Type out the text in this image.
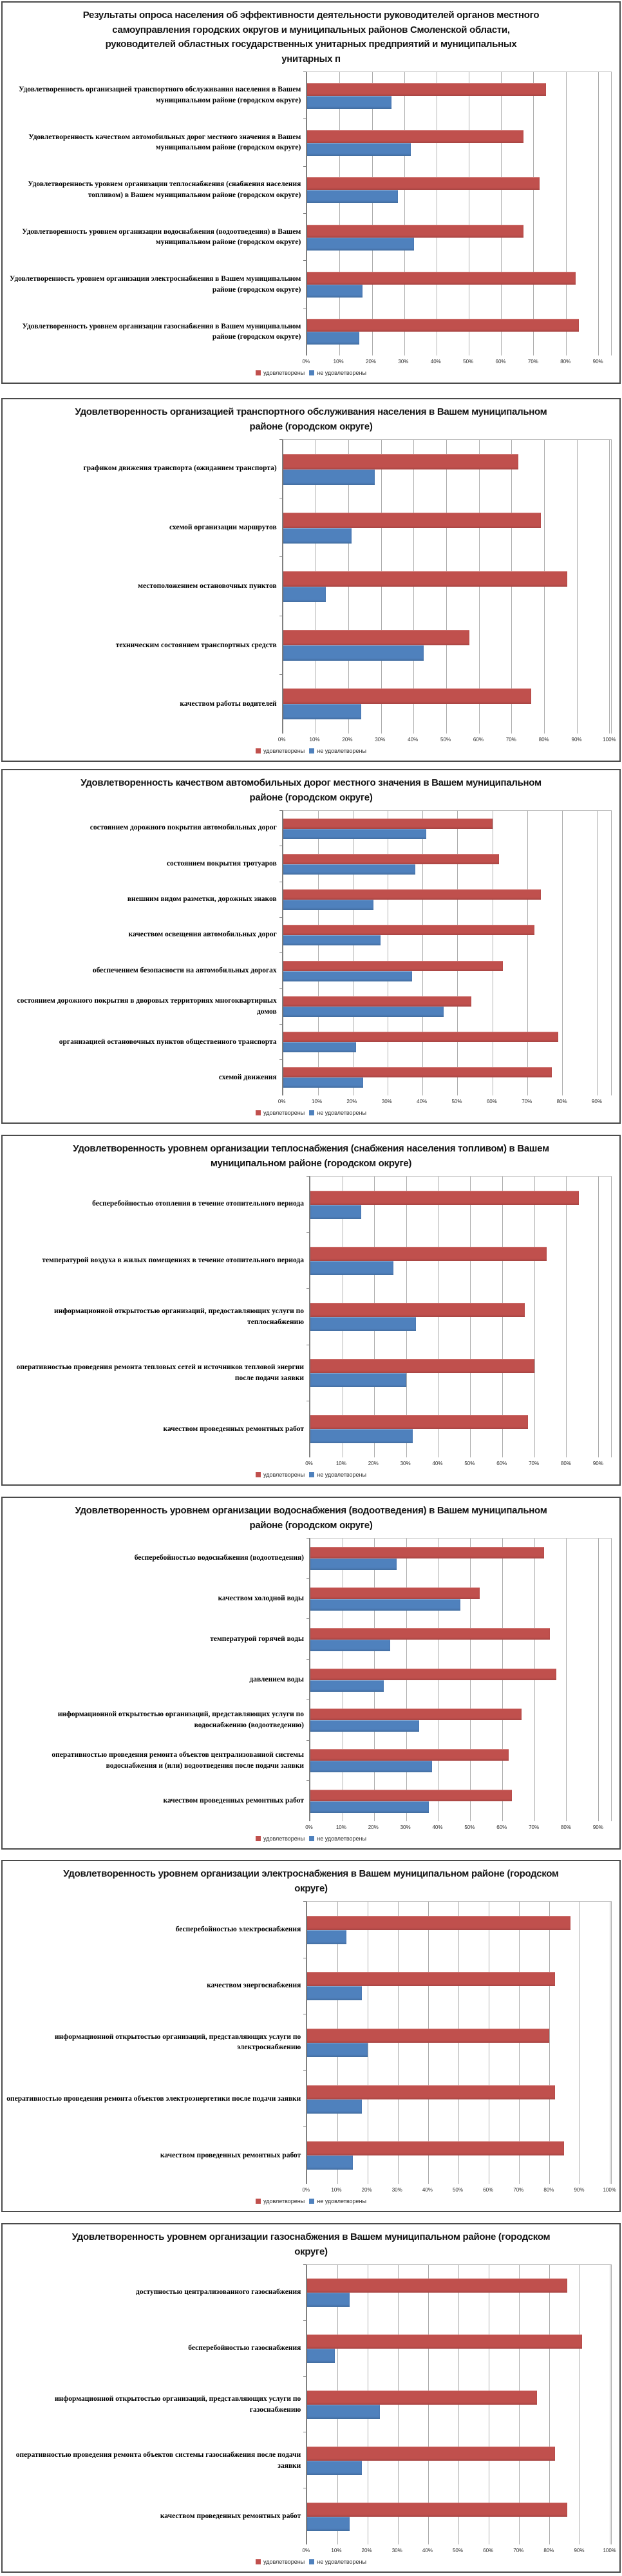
Результаты опроса населения об эффективности деятельности руководителей органов местного самоуправления городских округов и муниципальных районов Смоленской области, руководителей областных государственных унитарных предприятий и муниципальных унитарных п
Удовлетворенность организацией транспортного обслуживания населения в Вашем муниципальном районе (городском округе)
Удовлетворенность качеством автомобильных дорог местного значения в Вашем муниципальном районе (городском округе)
Удовлетворенность уровнем организации теплоснабжения (снабжения населения топливом) в Вашем муниципальном районе (городском округе)
Удовлетворенность уровнем организации водоснабжения (водоотведения) в Вашем муниципальном районе (городском округе)
Удовлетворенность уровнем организации электроснабжения в Вашем муниципальном районе (городском округе)
Удовлетворенность уровнем организации газоснабжения в Вашем муниципальном районе (городском округе)
0%	10%	20%	30%	40%	50%	60%	70%	80%	90%
удовлетворены не удовлетворены
Удовлетворенность организацией транспортного обслуживания населения в Вашем муниципальном районе (городском округе)
графиком движения транспорта (ожиданием транспорта)
схемой организации маршрутов
местоположением остановочных пунктов
техническим состоянием транспортных средств
качеством работы водителей
0%	10%	20%	30%	40%	50%	60%	70%	80%	90%	100%
удовлетворены не удовлетворены
Удовлетворенность качеством автомобильных дорог местного значения в Вашем муниципальном районе (городском округе)
состоянием дорожного покрытия автомобильных дорог
состоянием покрытия тротуаров
внешним видом разметки, дорожных знаков
качеством освещения автомобильных дорог
обеспечением безопасности на автомобильных дорогах
состоянием дорожного покрытия в дворовых территориях многоквартирных домов
организацией остановочных пунктов общественного транспорта
схемой движения
0%	10%	20%	30%	40%	50%	60%	70%	80%	90%
удовлетворены не удовлетворены
Удовлетворенность уровнем организации теплоснабжения (снабжения населения топливом) в Вашем муниципальном районе (городском округе)
бесперебойностью отопления в течение отопительного периода
температурой воздуха в жилых помещениях в течение отопительного периода
информационной открытостью организаций, предоставляющих услуги по теплоснабжению
оперативностью проведения ремонта тепловых сетей и источников тепловой энергии после подачи заявки
качеством проведенных ремонтных работ
0%	10%	20%	30%	40%	50%	60%	70%	80%	90%
удовлетворены не удовлетворены
Удовлетворенность уровнем организации водоснабжения (водоотведения) в Вашем муниципальном районе (городском округе)
бесперебойностью водоснабжения (водоотведения)
качеством холодной воды
температурой горячей воды
давлением воды
информационной открытостью организаций, представляющих услуги по водоснабжению (водоотведению)
оперативностью проведения ремонта объектов централизованной системы водоснабжения и (или) водоотведения после подачи заявки
качеством проведенных ремонтных работ
0%	10%	20%	30%	40%	50%	60%	70%	80%	90%
удовлетворены не удовлетворены
Удовлетворенность уровнем организации электроснабжения в Вашем муниципальном районе (городском округе)
бесперебойностью электроснабжения
качеством энергоснабжения
информационной открытостью организаций, представляющих услуги по электроснабжению
оперативностью проведения ремонта объектов электроэнергетики после подачи заявки
качеством проведенных ремонтных работ
0%	10%	20%	30%	40%	50%	60%	70%	80%	90%	100%
удовлетворены не удовлетворены
Удовлетворенность уровнем организации газоснабжения в Вашем муниципальном районе (городском округе)
доступностью централизованного газоснабжения
бесперебойностью газоснабжения
информационной открытостью организаций, представляющих услуги по газоснабжению
оперативностью проведения ремонта объектов системы газоснабжения после подачи заявки
качеством проведенных ремонтных работ
0%	10%	20%	30%	40%	50%	60%	70%	80%	90%	100%
удовлетворены не удовлетворены
